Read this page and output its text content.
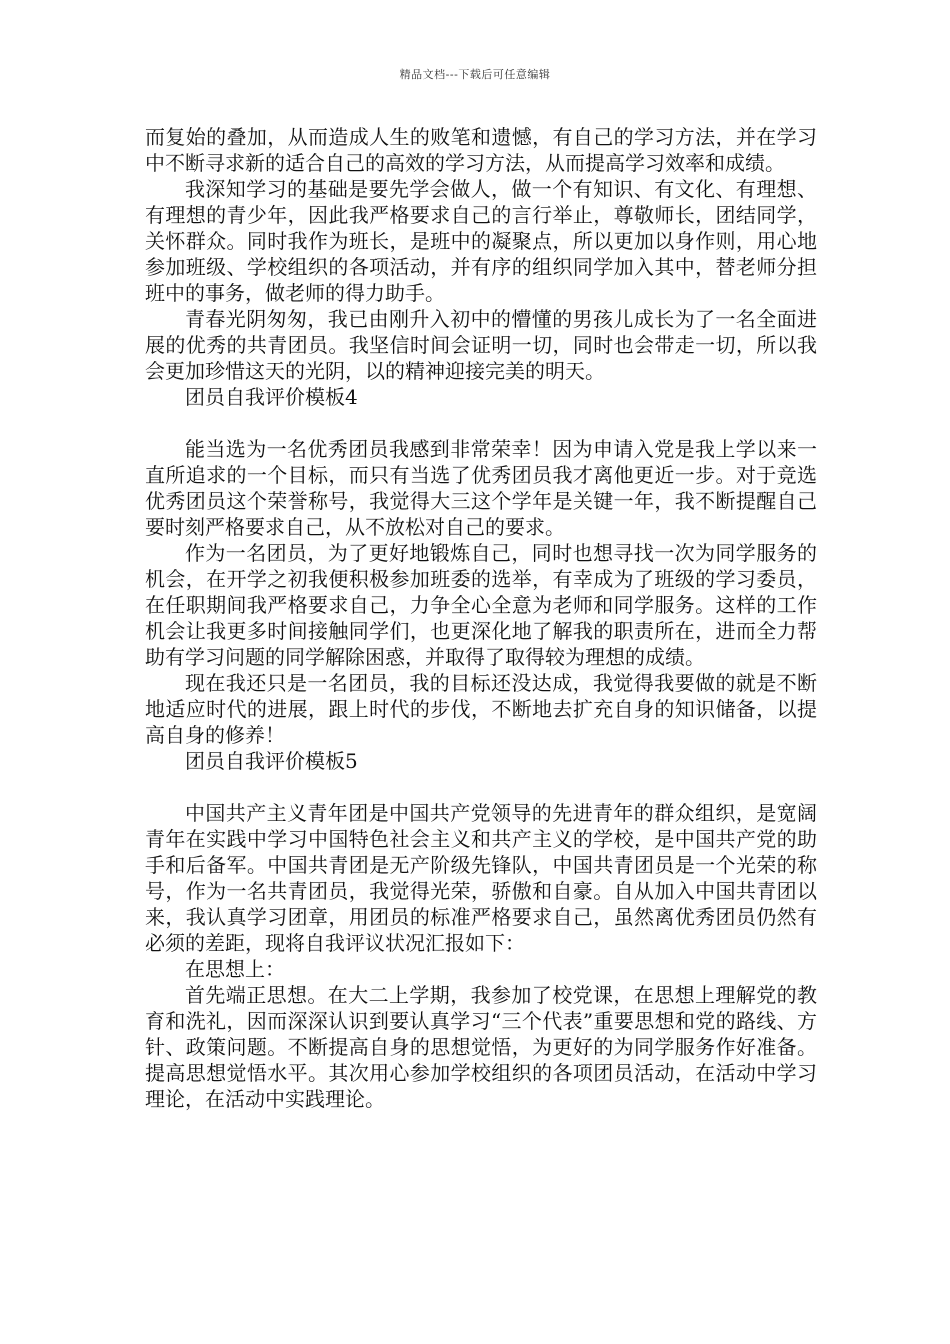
精品文档---下载后可任意编辑

而复始的叠加，从而造成人生的败笔和遗憾，有自己的学习方法，并在学习中不断寻求新的适合自己的高效的学习方法，从而提高学习效率和成绩。

我深知学习的基础是要先学会做人，做一个有知识、有文化、有理想、有理想的青少年，因此我严格要求自己的言行举止，尊敬师长，团结同学，关怀群众。同时我作为班长，是班中的凝聚点，所以更加以身作则，用心地参加班级、学校组织的各项活动，并有序的组织同学加入其中，替老师分担班中的事务，做老师的得力助手。

青春光阴匆匆，我已由刚升入初中的懵懂的男孩儿成长为了一名全面进展的优秀的共青团员。我坚信时间会证明一切，同时也会带走一切，所以我会更加珍惜这天的光阴，以的精神迎接完美的明天。

团员自我评价模板4

能当选为一名优秀团员我感到非常荣幸！因为申请入党是我上学以来一直所追求的一个目标，而只有当选了优秀团员我才离他更近一步。对于竞选优秀团员这个荣誉称号，我觉得大三这个学年是关键一年，我不断提醒自己要时刻严格要求自己，从不放松对自己的要求。

作为一名团员，为了更好地锻炼自己，同时也想寻找一次为同学服务的机会，在开学之初我便积极参加班委的选举，有幸成为了班级的学习委员，在任职期间我严格要求自己，力争全心全意为老师和同学服务。这样的工作机会让我更多时间接触同学们，也更深化地了解我的职责所在，进而全力帮助有学习问题的同学解除困惑，并取得了取得较为理想的成绩。

现在我还只是一名团员，我的目标还没达成，我觉得我要做的就是不断地适应时代的进展，跟上时代的步伐，不断地去扩充自身的知识储备，以提高自身的修养！

团员自我评价模板5

中国共产主义青年团是中国共产党领导的先进青年的群众组织，是宽阔青年在实践中学习中国特色社会主义和共产主义的学校，是中国共产党的助手和后备军。中国共青团是无产阶级先锋队，中国共青团员是一个光荣的称号，作为一名共青团员，我觉得光荣，骄傲和自豪。自从加入中国共青团以来，我认真学习团章，用团员的标准严格要求自己，虽然离优秀团员仍然有必须的差距，现将自我评议状况汇报如下：

在思想上：

首先端正思想。在大二上学期，我参加了校党课，在思想上理解党的教育和洗礼，因而深深认识到要认真学习“三个代表”重要思想和党的路线、方针、政策问题。不断提高自身的思想觉悟，为更好的为同学服务作好准备。提高思想觉悟水平。其次用心参加学校组织的各项团员活动，在活动中学习理论，在活动中实践理论。
